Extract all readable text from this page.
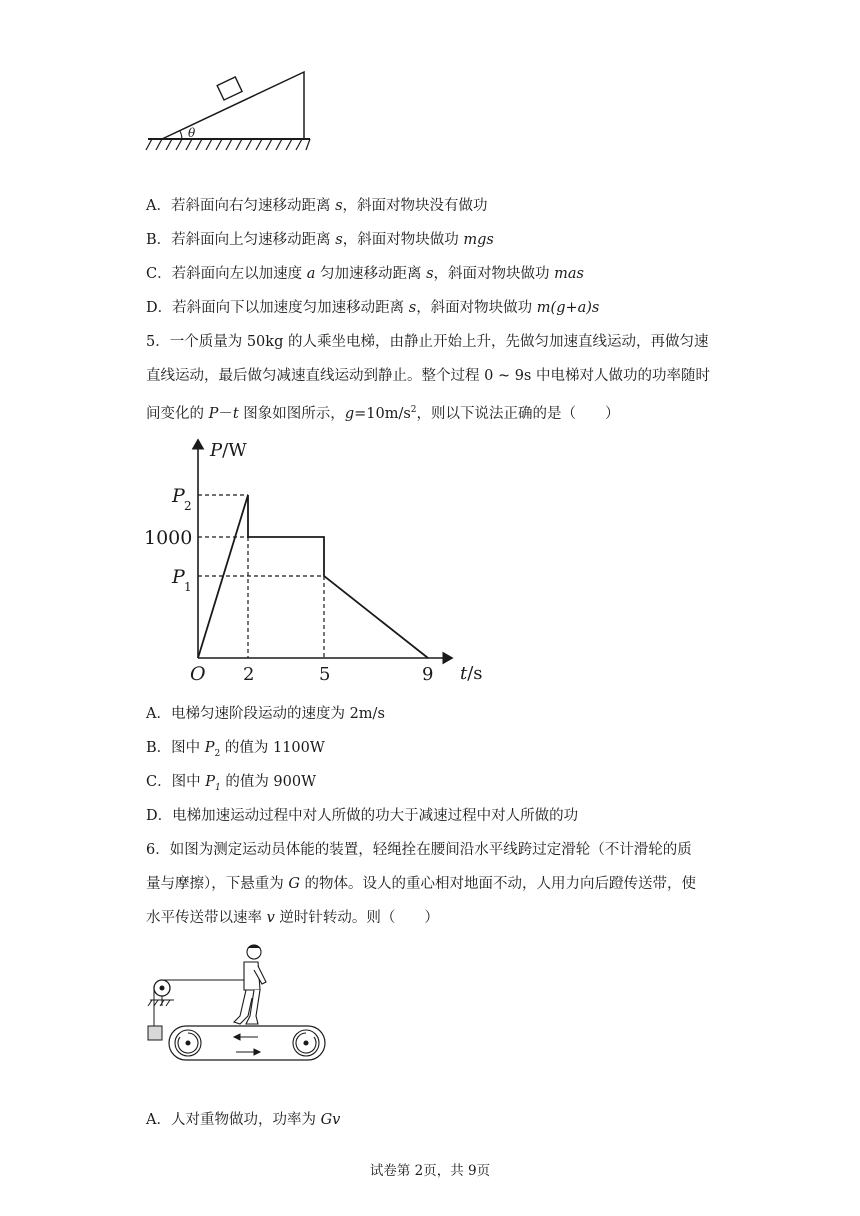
θ
A．若斜面向右匀速移动距离 s，斜面对物块没有做功
B．若斜面向上匀速移动距离 s，斜面对物块做功 mgs
C．若斜面向左以加速度 a 匀加速移动距离 s，斜面对物块做功 mas
D．若斜面向下以加速度匀加速移动距离 s，斜面对物块做功 m(g+a)s
5．一个质量为 50kg 的人乘坐电梯，由静止开始上升，先做匀加速直线运动，再做匀速
直线运动，最后做匀减速直线运动到静止。整个过程 0 ~ 9s 中电梯对人做功的功率随时
间变化的 P－t 图象如图所示，$g=10m/s^2$，则以下说法正确的是（　　）
P/W
t/s
O
P 2
1000
P 1
2	5	9
A．电梯匀速阶段运动的速度为 2m/s
B．图中 $P_2$ 的值为 1100W
C．图中 $P_1$ 的值为 900W
D．电梯加速运动过程中对人所做的功大于减速过程中对人所做的功
6．如图为测定运动员体能的装置，轻绳拴在腰间沿水平线跨过定滑轮（不计滑轮的质
量与摩擦），下悬重为 G 的物体。设人的重心相对地面不动，人用力向后蹬传送带，使
水平传送带以速率 v 逆时针转动。则（　　）
A．人对重物做功，功率为 Gv
试卷第 2页，共 9页
